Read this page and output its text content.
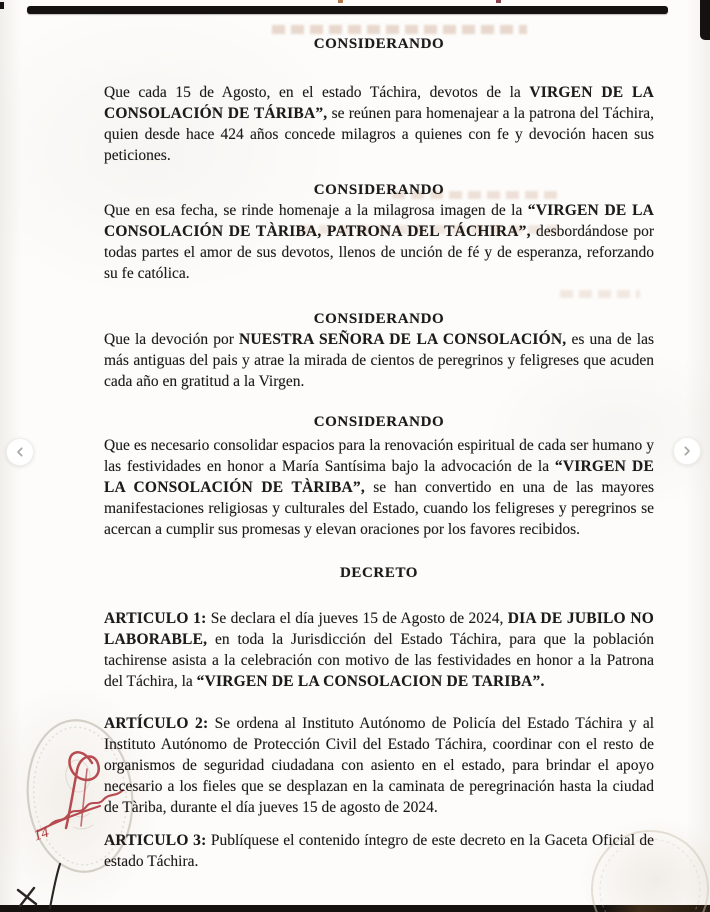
14
CONSIDERANDO

Que cada 15 de Agosto, en el estado Táchira, devotos de la VIRGEN DE LA CONSOLACIÓN DE TÁRIBA”, se reúnen para homenajear a la patrona del Táchira, quien desde hace 424 años concede milagros a quienes con fe y devoción hacen sus peticiones.

CONSIDERANDO

Que en esa fecha, se rinde homenaje a la milagrosa imagen de la “VIRGEN DE LA CONSOLACIÓN DE TÀRIBA, PATRONA DEL TÁCHIRA”, desbordándose por todas partes el amor de sus devotos, llenos de unción de fé y de esperanza, reforzando su fe católica.

CONSIDERANDO

Que la devoción por NUESTRA SEÑORA DE LA CONSOLACIÓN, es una de las más antiguas del pais y atrae la mirada de cientos de peregrinos y feligreses que acuden cada año en gratitud a la Virgen.

CONSIDERANDO

Que es necesario consolidar espacios para la renovación espiritual de cada ser humano y las festividades en honor a María Santísima bajo la advocación de la “VIRGEN DE LA CONSOLACIÓN DE TÀRIBA”, se han convertido en una de las mayores manifestaciones religiosas y culturales del Estado, cuando los feligreses y peregrinos se acercan a cumplir sus promesas y elevan oraciones por los favores recibidos.

DECRETO

ARTICULO 1: Se declara el día jueves 15 de Agosto de 2024, DIA DE JUBILO NO LABORABLE, en toda la Jurisdicción del Estado Táchira, para que la población tachirense asista a la celebración con motivo de las festividades en honor a la Patrona del Táchira, la “VIRGEN DE LA CONSOLACION DE TARIBA”.

ARTÍCULO 2: Se ordena al Instituto Autónomo de Policía del Estado Táchira y al Instituto Autónomo de Protección Civil del Estado Táchira, coordinar con el resto de organismos de seguridad ciudadana con asiento en el estado, para brindar el apoyo necesario a los fieles que se desplazan en la caminata de peregrinación hasta la ciudad de Tàriba, durante el día jueves 15 de agosto de 2024.

ARTICULO 3: Publíquese el contenido íntegro de este decreto en la Gaceta Oficial de estado Táchira.
